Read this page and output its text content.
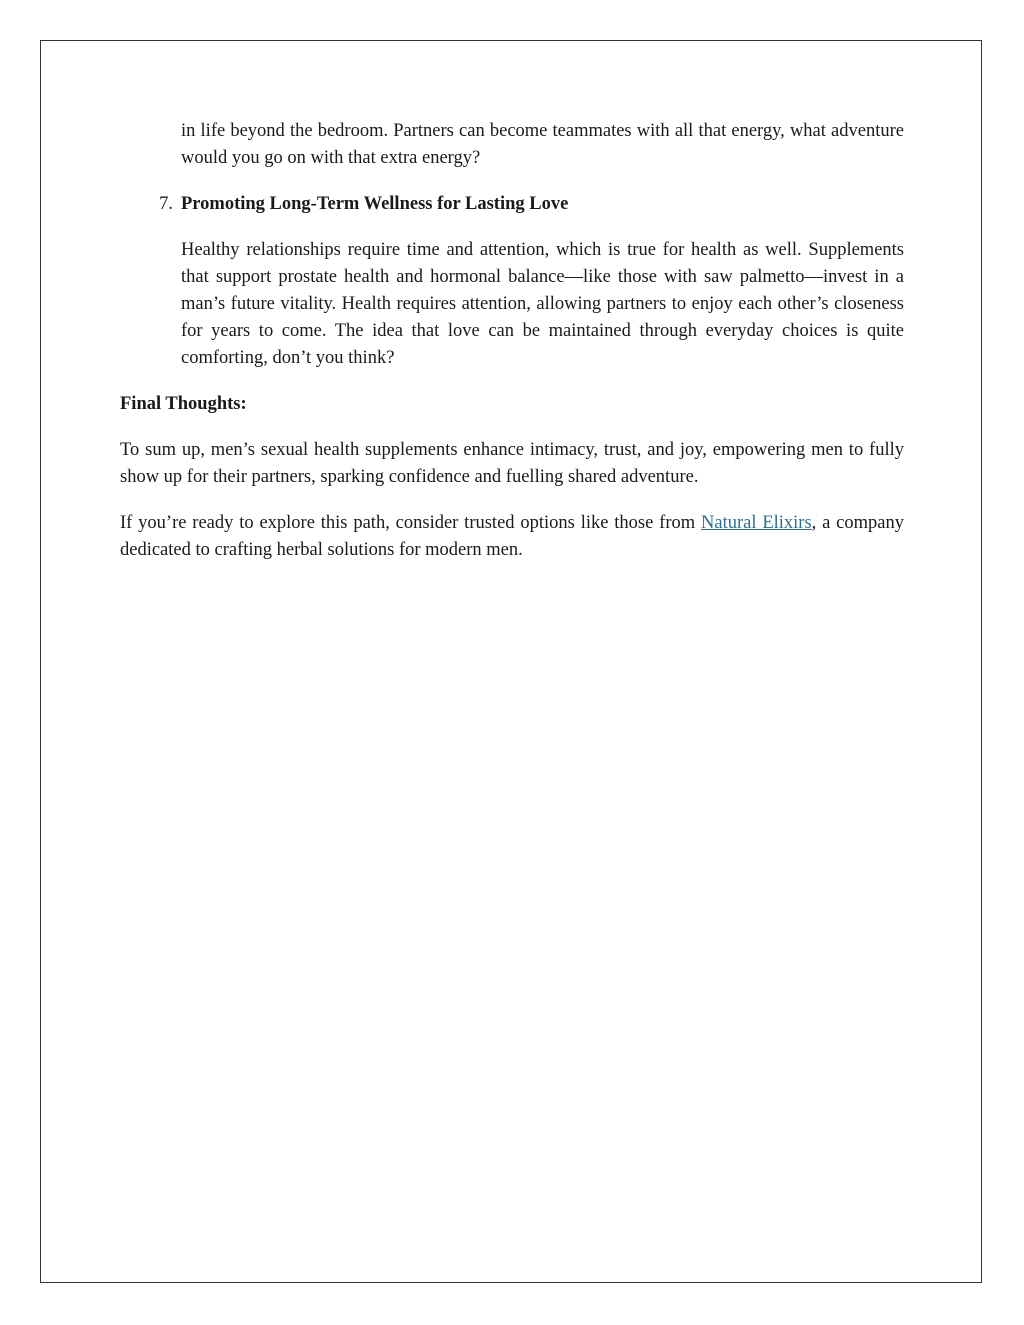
in life beyond the bedroom. Partners can become teammates with all that energy, what adventure would you go on with that extra energy?

7. Promoting Long-Term Wellness for Lasting Love

Healthy relationships require time and attention, which is true for health as well. Supplements that support prostate health and hormonal balance—like those with saw palmetto—invest in a man’s future vitality. Health requires attention, allowing partners to enjoy each other’s closeness for years to come. The idea that love can be maintained through everyday choices is quite comforting, don’t you think?

Final Thoughts:

To sum up, men’s sexual health supplements enhance intimacy, trust, and joy, empowering men to fully show up for their partners, sparking confidence and fuelling shared adventure.

If you’re ready to explore this path, consider trusted options like those from Natural Elixirs, a company dedicated to crafting herbal solutions for modern men.
